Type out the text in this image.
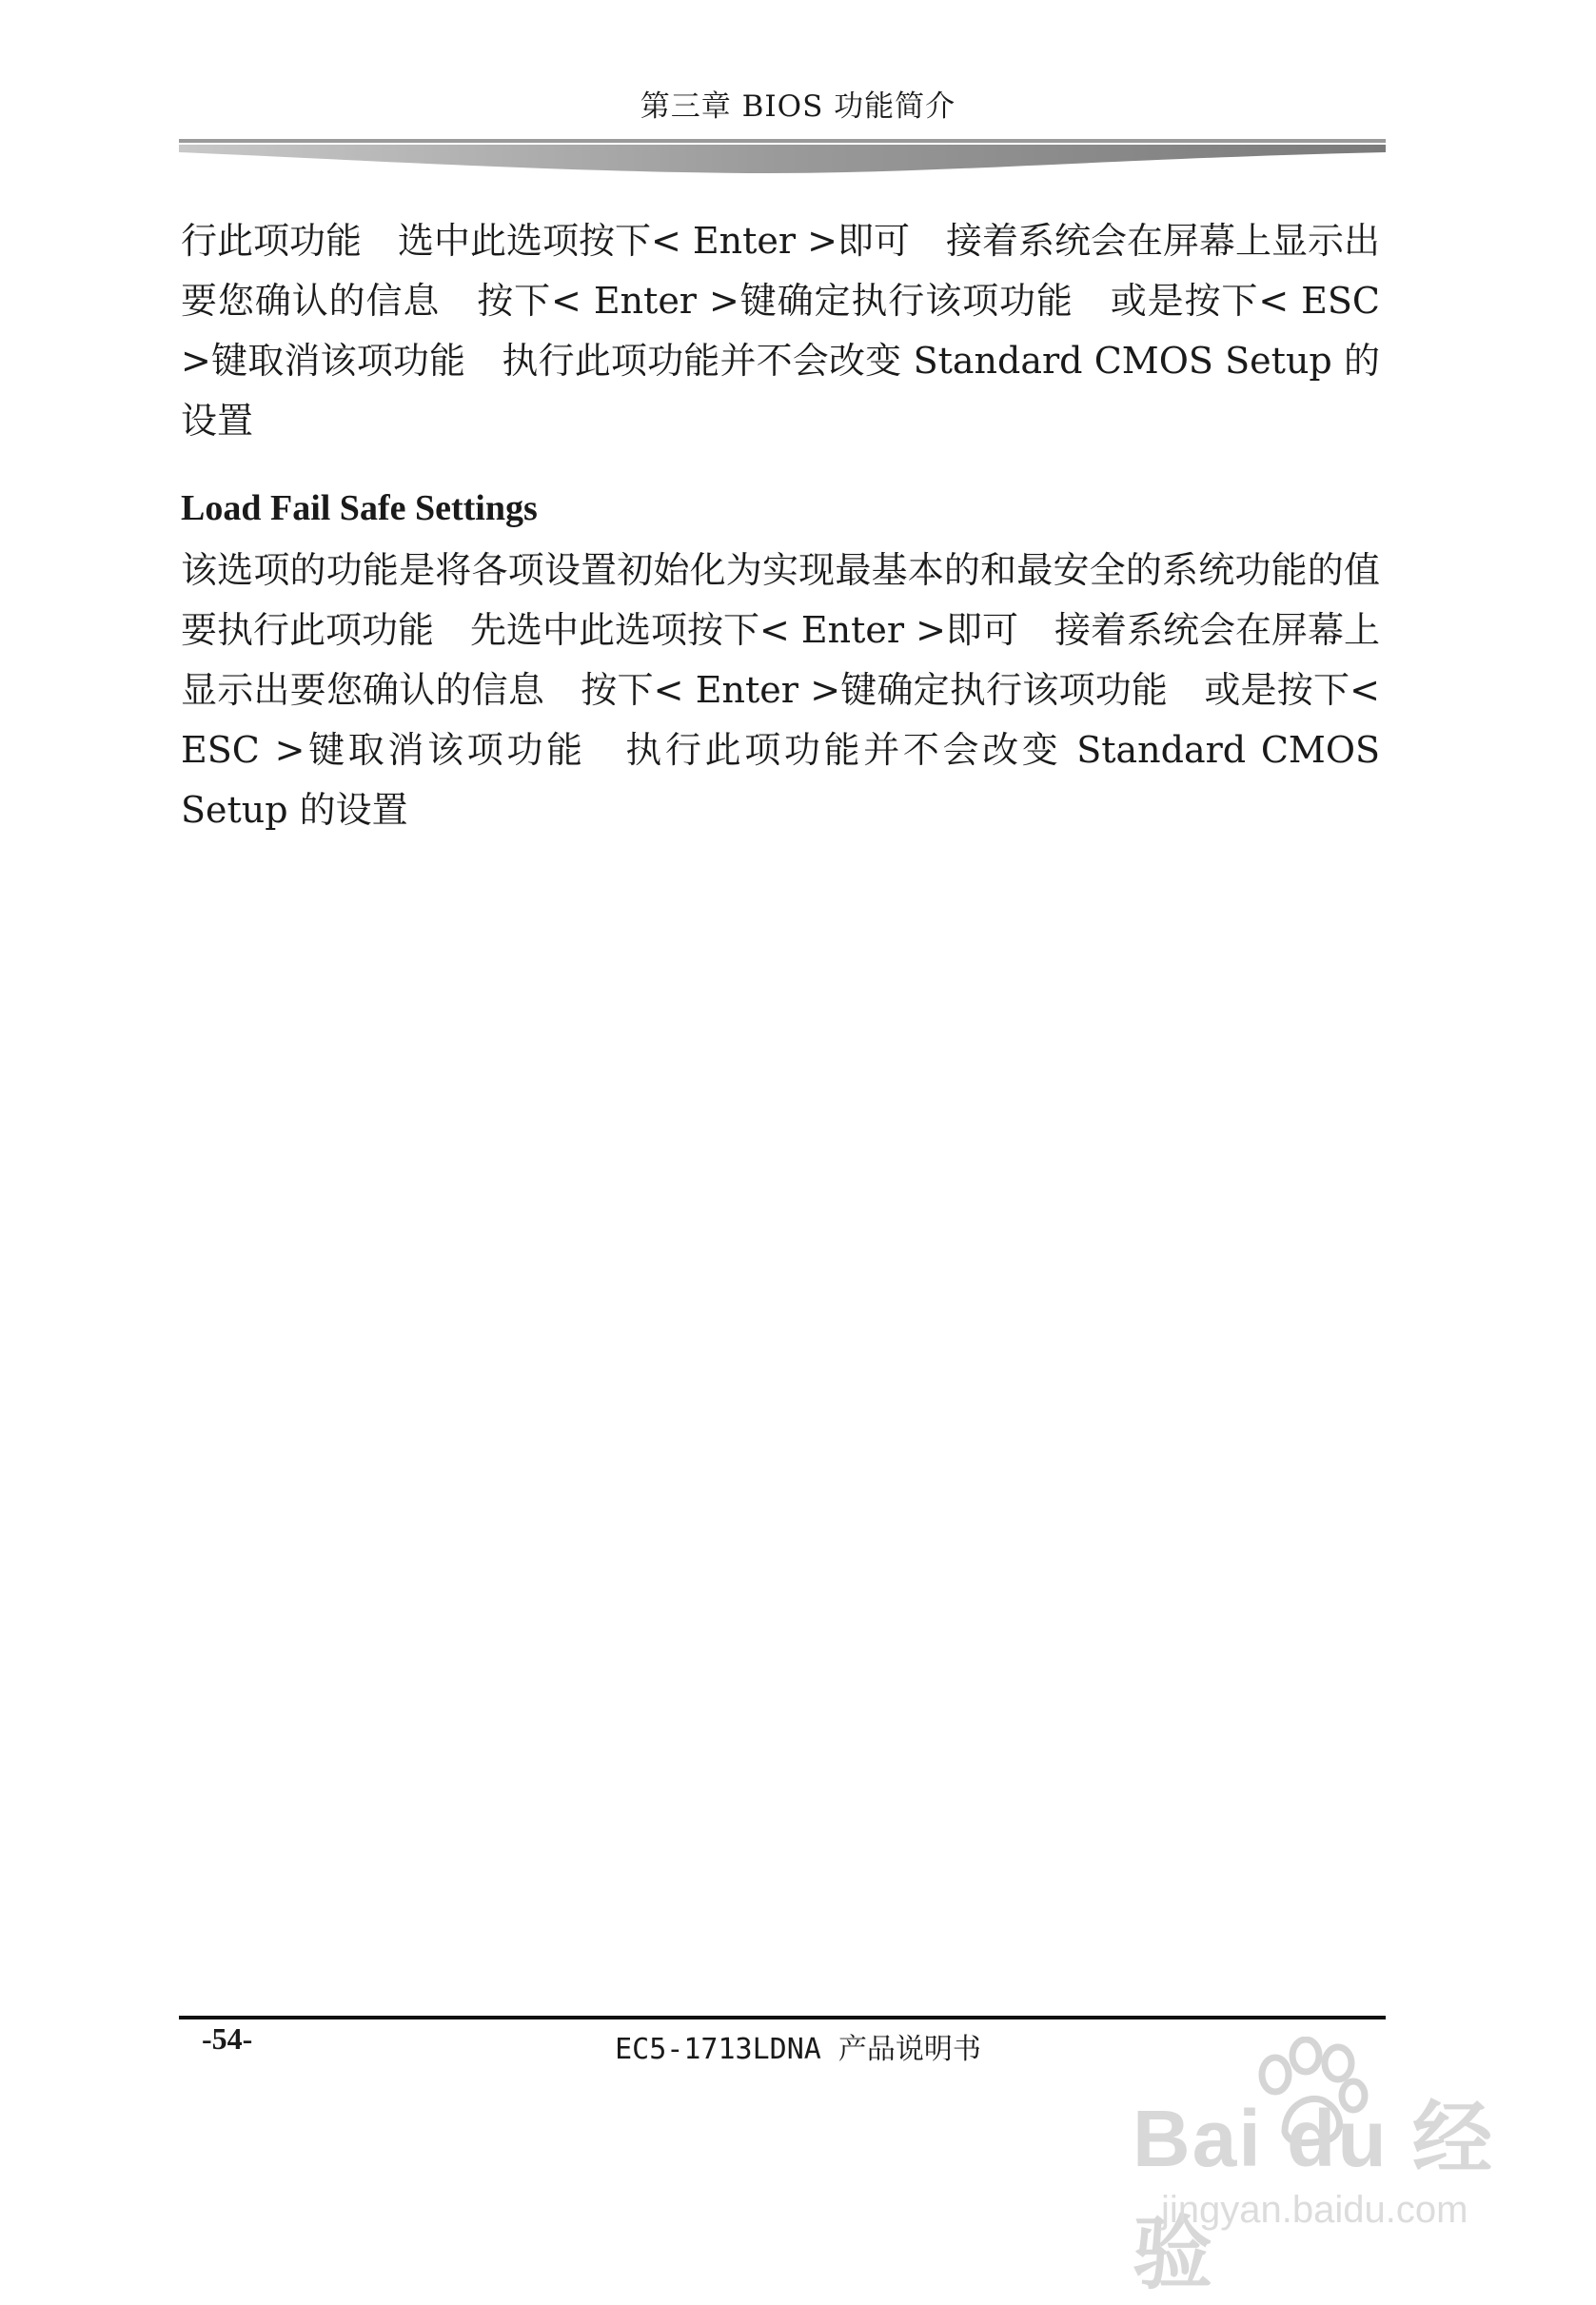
第三章 BIOS 功能简介
行此项功能　选中此选项按下< Enter >即可　接着系统会在屏幕上显示出要您确认的信息　按下< Enter >键确定执行该项功能　或是按下< ESC >键取消该项功能　执行此项功能并不会改变 Standard CMOS Setup 的设置
Load Fail Safe Settings
该选项的功能是将各项设置初始化为实现最基本的和最安全的系统功能的值　要执行此项功能　先选中此选项按下< Enter >即可　接着系统会在屏幕上显示出要您确认的信息　按下< Enter >键确定执行该项功能　或是按下< ESC >键取消该项功能　执行此项功能并不会改变 Standard CMOS Setup 的设置
-54-	EC5-1713LDNA 产品说明书
Bai du 经验
jingyan.baidu.com
